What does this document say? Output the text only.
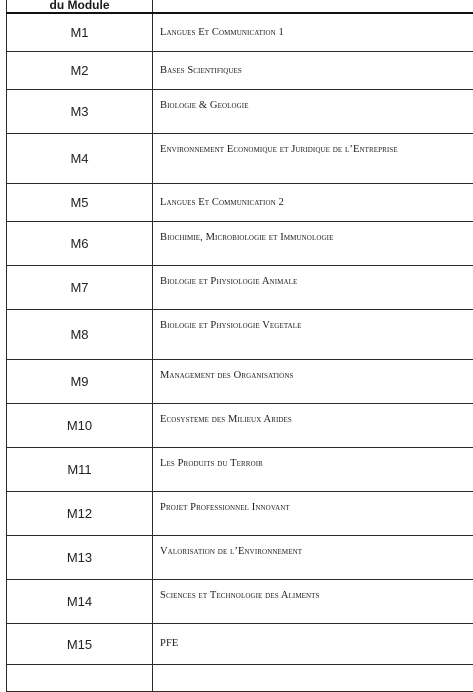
du Module	
M1	Langues Et Communication 1
M2	Bases Scientifiques
M3	Biologie & Geologie
M4	Environnement Economique et Juridique de l’Entreprise
M5	Langues Et Communication 2
M6	Biochimie, Microbiologie et Immunologie
M7	Biologie et Physiologie Animale
M8	Biologie et Physiologie Vegetale
M9	Management des Organisations
M10	Ecosysteme des Milieux Arides
M11	Les Produits du Terroir
M12	Projet Professionnel Innovant
M13	Valorisation de l’Environnement
M14	Sciences et Technologie des Aliments
M15	PFE
